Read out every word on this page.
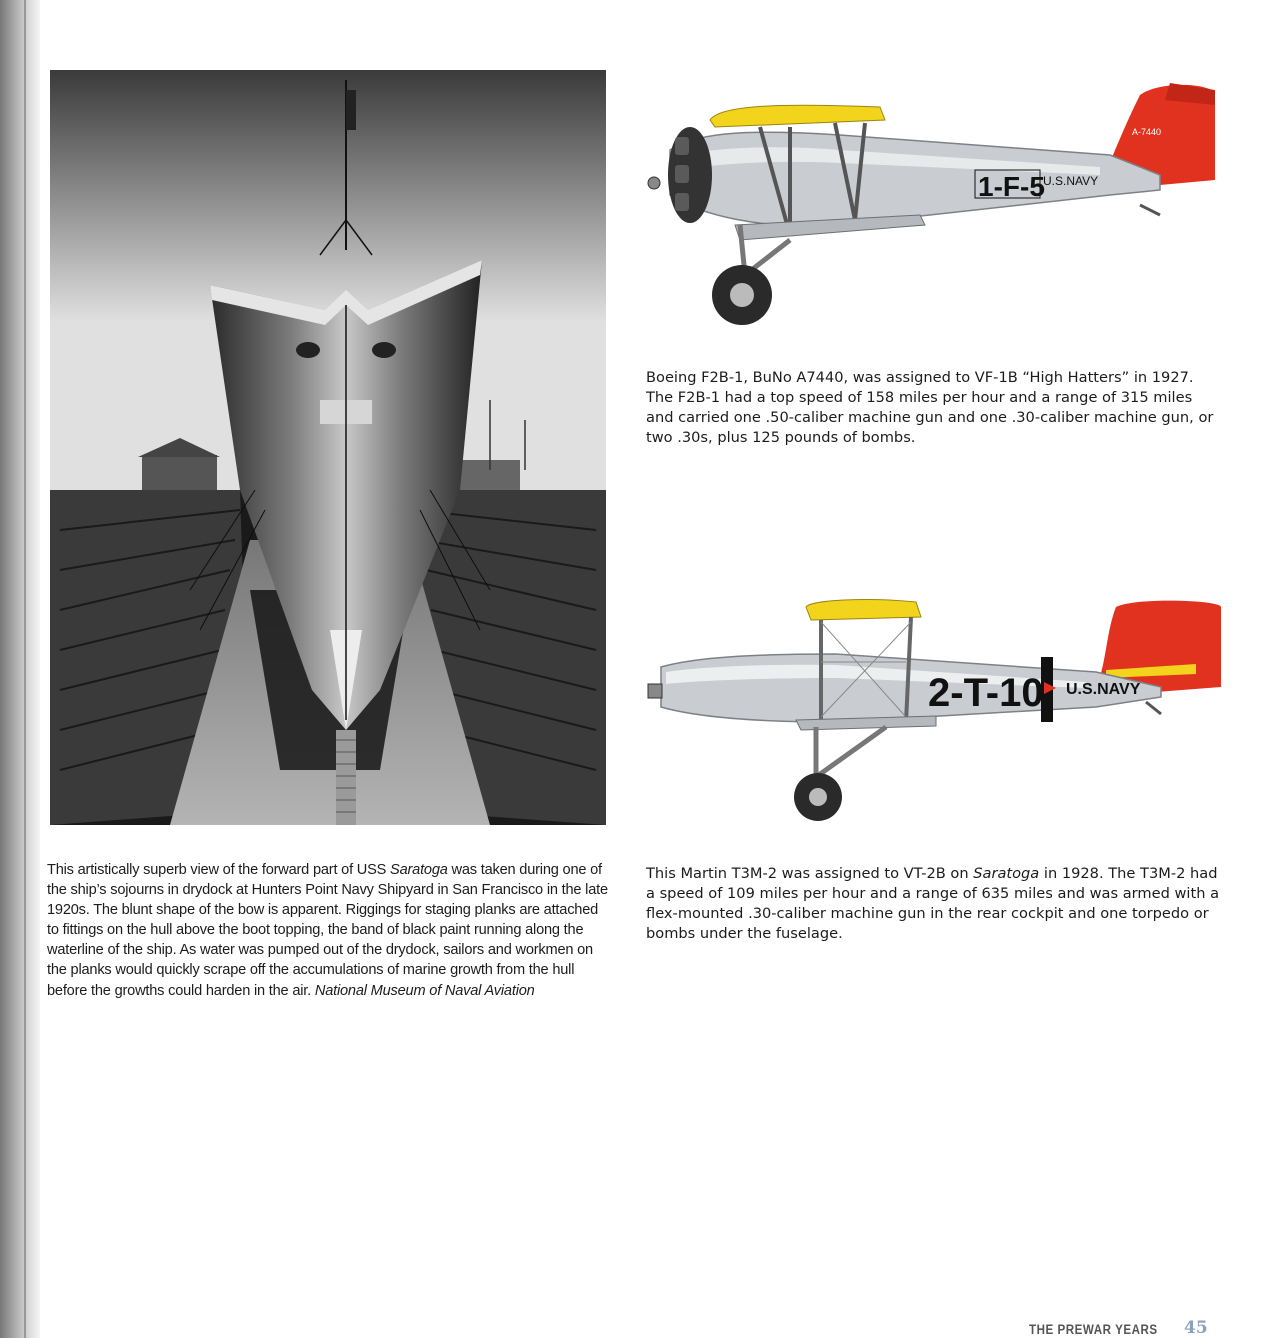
This artistically superb view of the forward part of USS Saratoga was taken during one of the ship’s sojourns in drydock at Hunters Point Navy Shipyard in San Francisco in the late 1920s. The blunt shape of the bow is apparent. Riggings for staging planks are attached to fittings on the hull above the boot topping, the band of black paint running along the waterline of the ship. As water was pumped out of the drydock, sailors and workmen on the planks would quickly scrape off the accumulations of marine growth from the hull before the growths could harden in the air. National Museum of Naval Aviation

A-7440
1-F-5
U.S.NAVY

Boeing F2B-1, BuNo A7440, was assigned to VF-1B “High Hatters” in 1927. The F2B-1 had a top speed of 158 miles per hour and a range of 315 miles and carried one .50-caliber machine gun and one .30-caliber machine gun, or two .30s, plus 125 pounds of bombs.

2-T-10 U.S.NAVY

This Martin T3M-2 was assigned to VT-2B on Saratoga in 1928. The T3M-2 had a speed of 109 miles per hour and a range of 635 miles and was armed with a flex-mounted .30-caliber machine gun in the rear cockpit and one torpedo or bombs under the fuselage.

THE PREWAR YEARS 45
